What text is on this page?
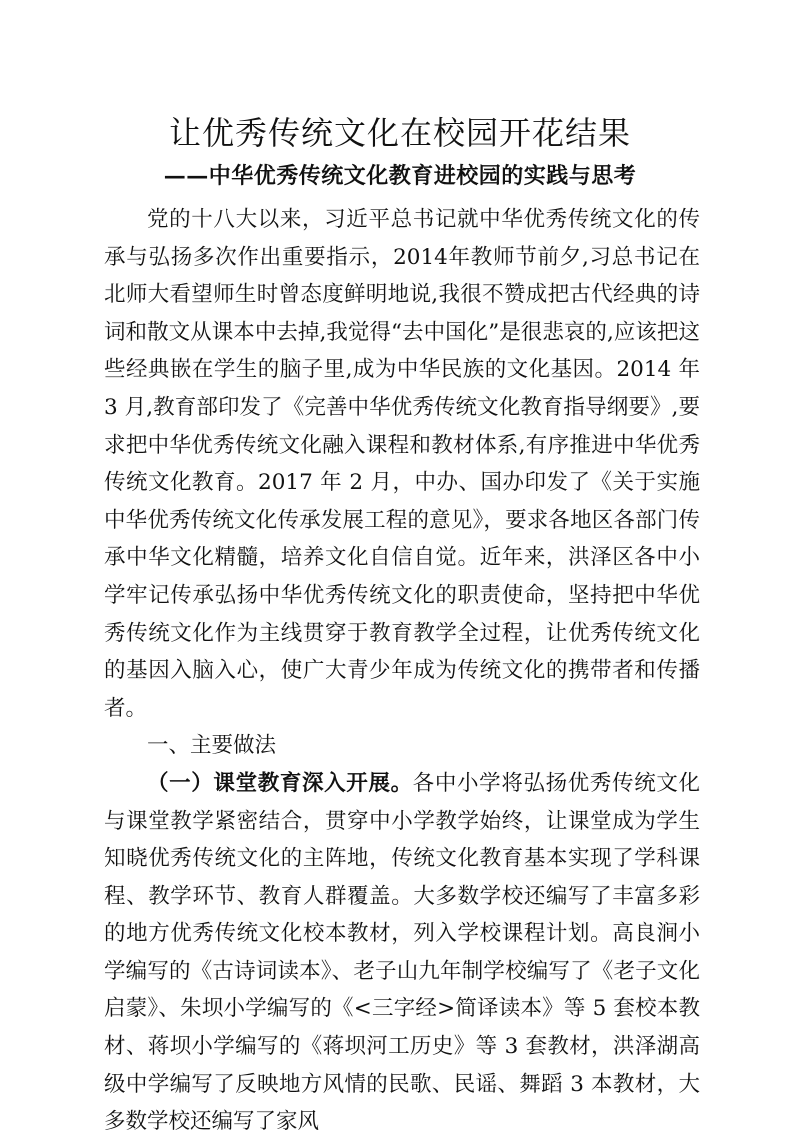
让优秀传统文化在校园开花结果
——中华优秀传统文化教育进校园的实践与思考

党的十八大以来，习近平总书记就中华优秀传统文化的传承与弘扬多次作出重要指示，2014年教师节前夕,习总书记在北师大看望师生时曾态度鲜明地说,我很不赞成把古代经典的诗词和散文从课本中去掉,我觉得“去中国化”是很悲哀的,应该把这些经典嵌在学生的脑子里,成为中华民族的文化基因。2014 年 3 月,教育部印发了《完善中华优秀传统文化教育指导纲要》,要求把中华优秀传统文化融入课程和教材体系,有序推进中华优秀传统文化教育。2017 年 2 月，中办、国办印发了《关于实施中华优秀传统文化传承发展工程的意见》，要求各地区各部门传承中华文化精髓，培养文化自信自觉。近年来，洪泽区各中小学牢记传承弘扬中华优秀传统文化的职责使命，坚持把中华优秀传统文化作为主线贯穿于教育教学全过程，让优秀传统文化的基因入脑入心，使广大青少年成为传统文化的携带者和传播者。

一、主要做法

（一）课堂教育深入开展。各中小学将弘扬优秀传统文化与课堂教学紧密结合，贯穿中小学教学始终，让课堂成为学生知晓优秀传统文化的主阵地，传统文化教育基本实现了学科课程、教学环节、教育人群覆盖。大多数学校还编写了丰富多彩的地方优秀传统文化校本教材，列入学校课程计划。高良涧小学编写的《古诗词读本》、老子山九年制学校编写了《老子文化启蒙》、朱坝小学编写的《<三字经>简译读本》等 5 套校本教材、蒋坝小学编写的《蒋坝河工历史》等 3 套教材，洪泽湖高级中学编写了反映地方风情的民歌、民谣、舞蹈 3 本教材，大多数学校还编写了家风
